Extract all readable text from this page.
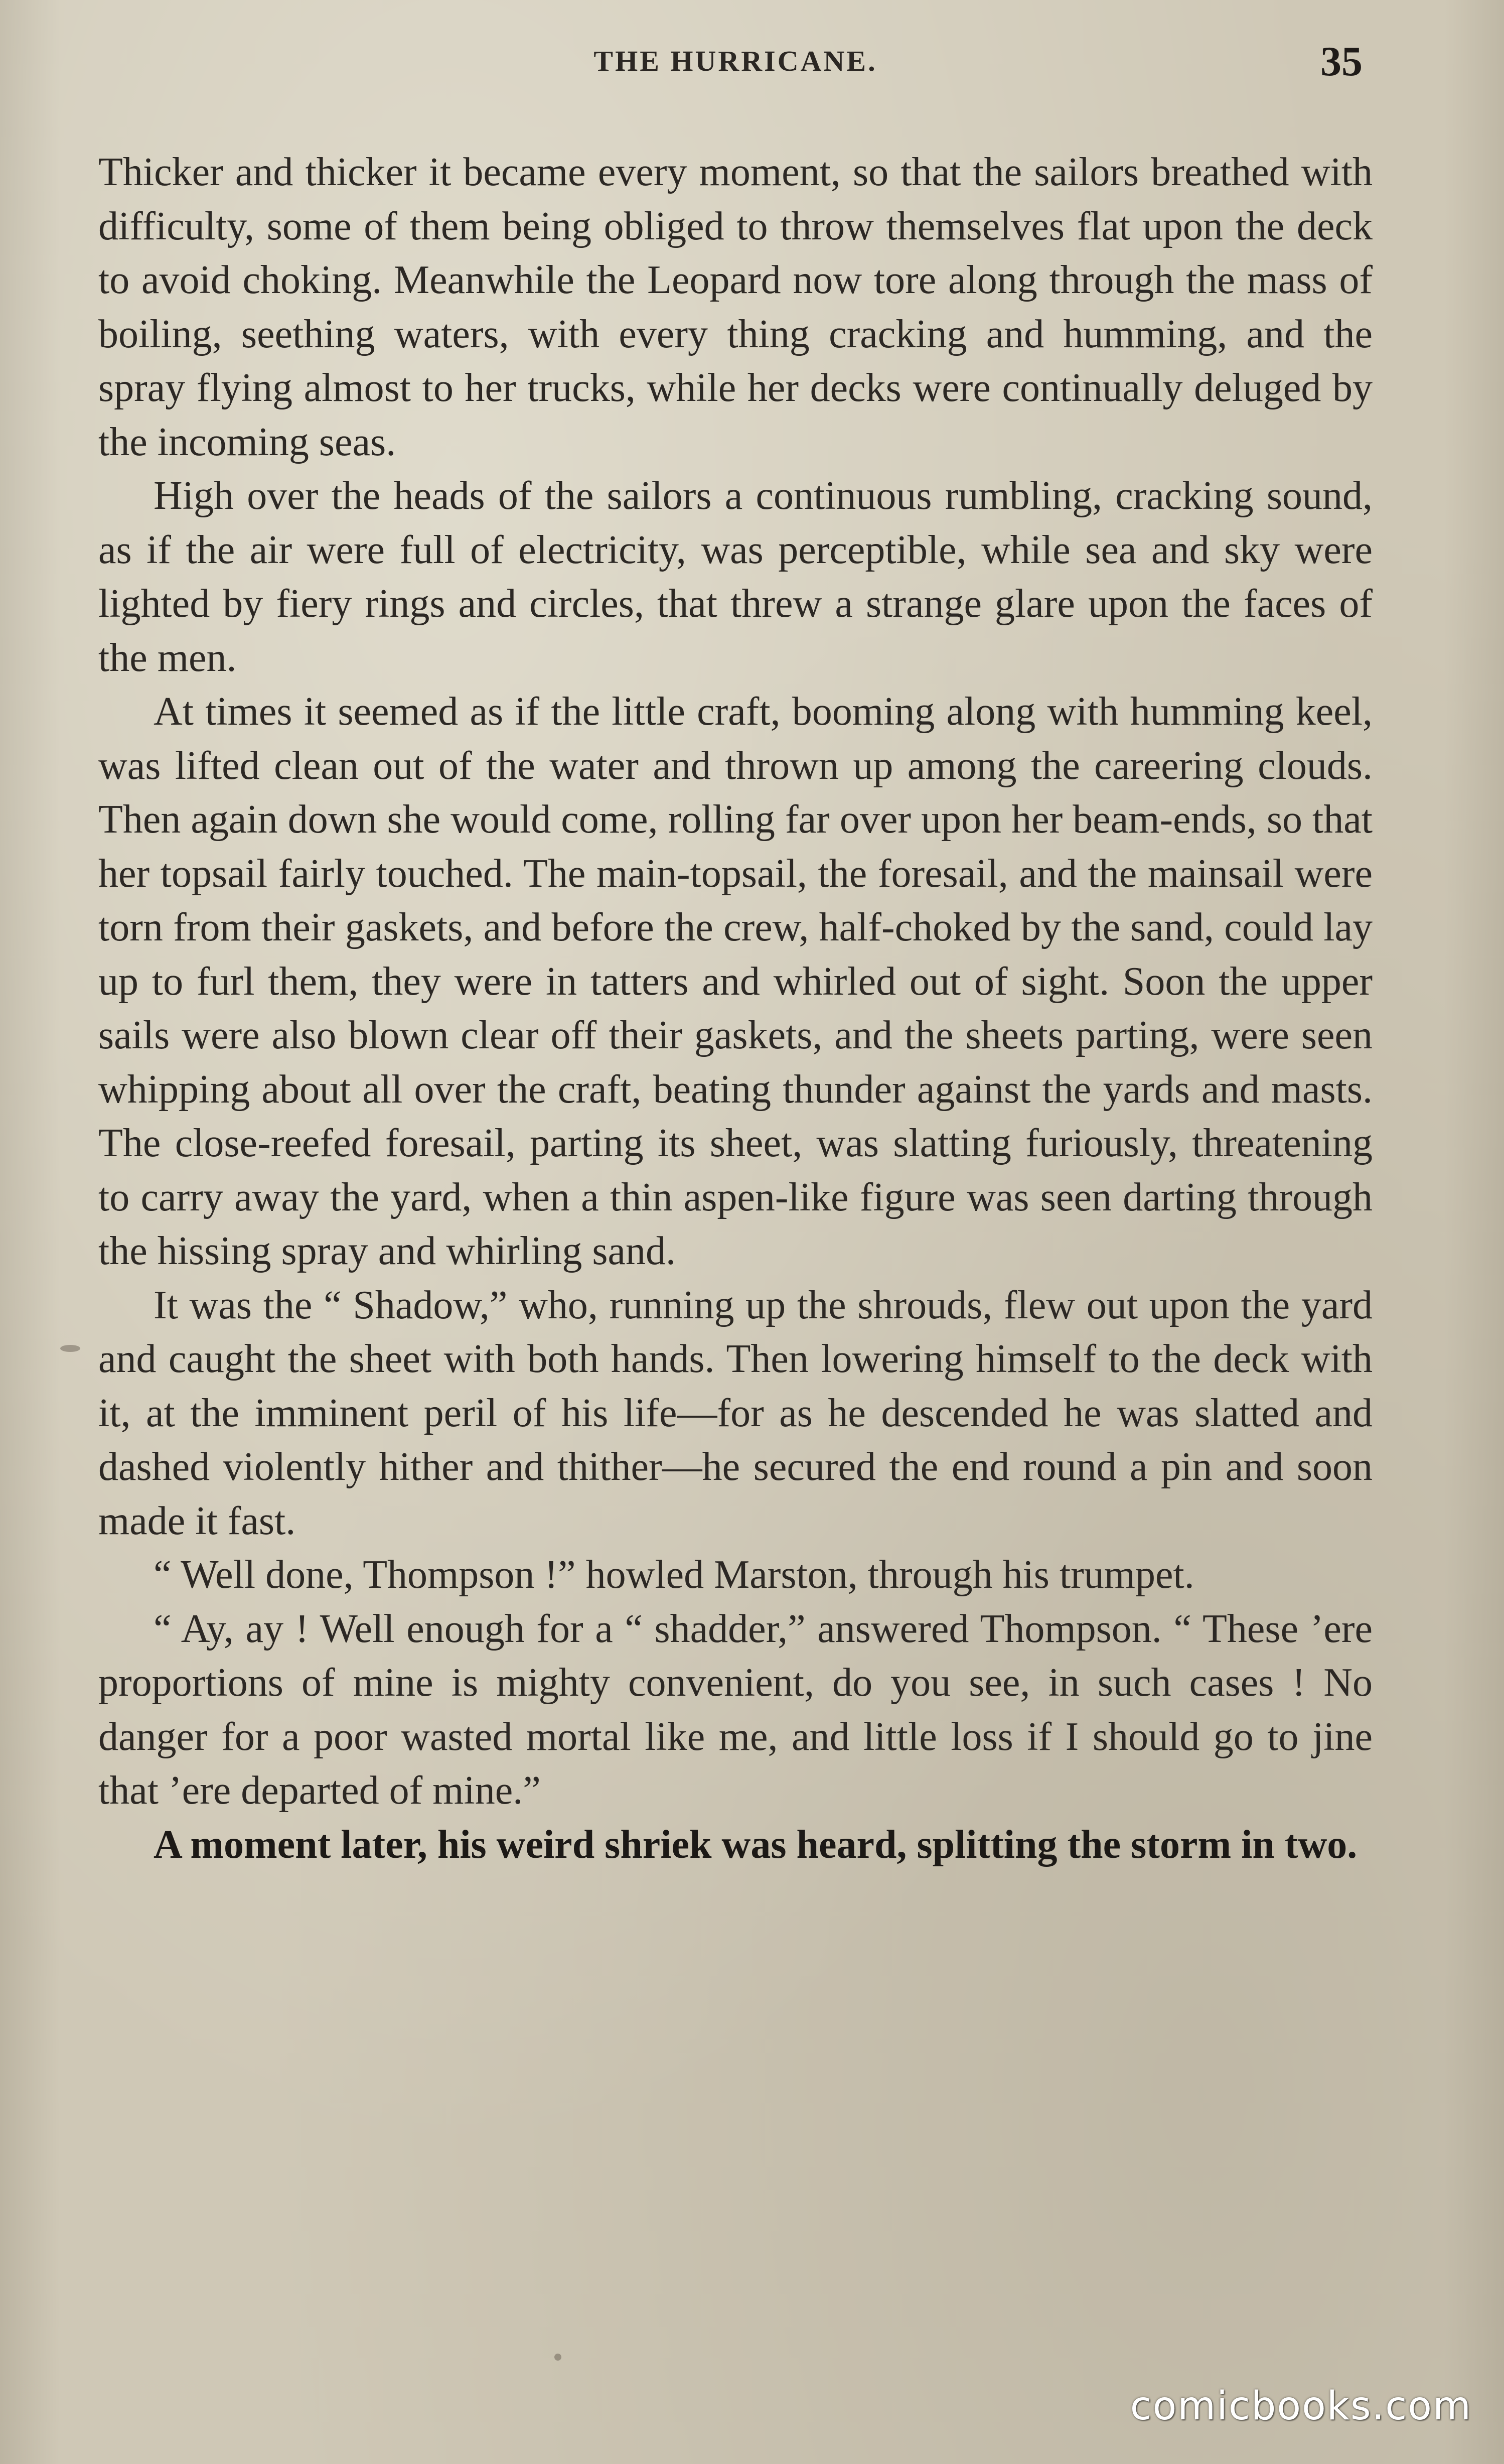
THE HURRICANE.	35

Thicker and thicker it became every moment, so that the sailors breathed with difficulty, some of them being obliged to throw themselves flat upon the deck to avoid choking. Meanwhile the Leopard now tore along through the mass of boiling, seething waters, with every thing cracking and humming, and the spray flying almost to her trucks, while her decks were continually deluged by the incoming seas.

High over the heads of the sailors a continuous rumbling, cracking sound, as if the air were full of electricity, was perceptible, while sea and sky were lighted by fiery rings and circles, that threw a strange glare upon the faces of the men.

At times it seemed as if the little craft, booming along with humming keel, was lifted clean out of the water and thrown up among the careering clouds. Then again down she would come, rolling far over upon her beam-ends, so that her topsail fairly touched. The main-topsail, the foresail, and the mainsail were torn from their gaskets, and before the crew, half-choked by the sand, could lay up to furl them, they were in tatters and whirled out of sight. Soon the upper sails were also blown clear off their gaskets, and the sheets parting, were seen whipping about all over the craft, beating thunder against the yards and masts. The close-reefed foresail, parting its sheet, was slatting furiously, threatening to carry away the yard, when a thin aspen-like figure was seen darting through the hissing spray and whirling sand.

It was the “ Shadow,” who, running up the shrouds, flew out upon the yard and caught the sheet with both hands. Then lowering himself to the deck with it, at the imminent peril of his life—for as he descended he was slatted and dashed violently hither and thither—he secured the end round a pin and soon made it fast.

“ Well done, Thompson !” howled Marston, through his trumpet.

“ Ay, ay ! Well enough for a “ shadder,” answered Thompson. “ These ’ere proportions of mine is mighty convenient, do you see, in such cases ! No danger for a poor wasted mortal like me, and little loss if I should go to jine that ’ere departed of mine.”

A moment later, his weird shriek was heard, splitting the storm in two.

comicbooks.com
